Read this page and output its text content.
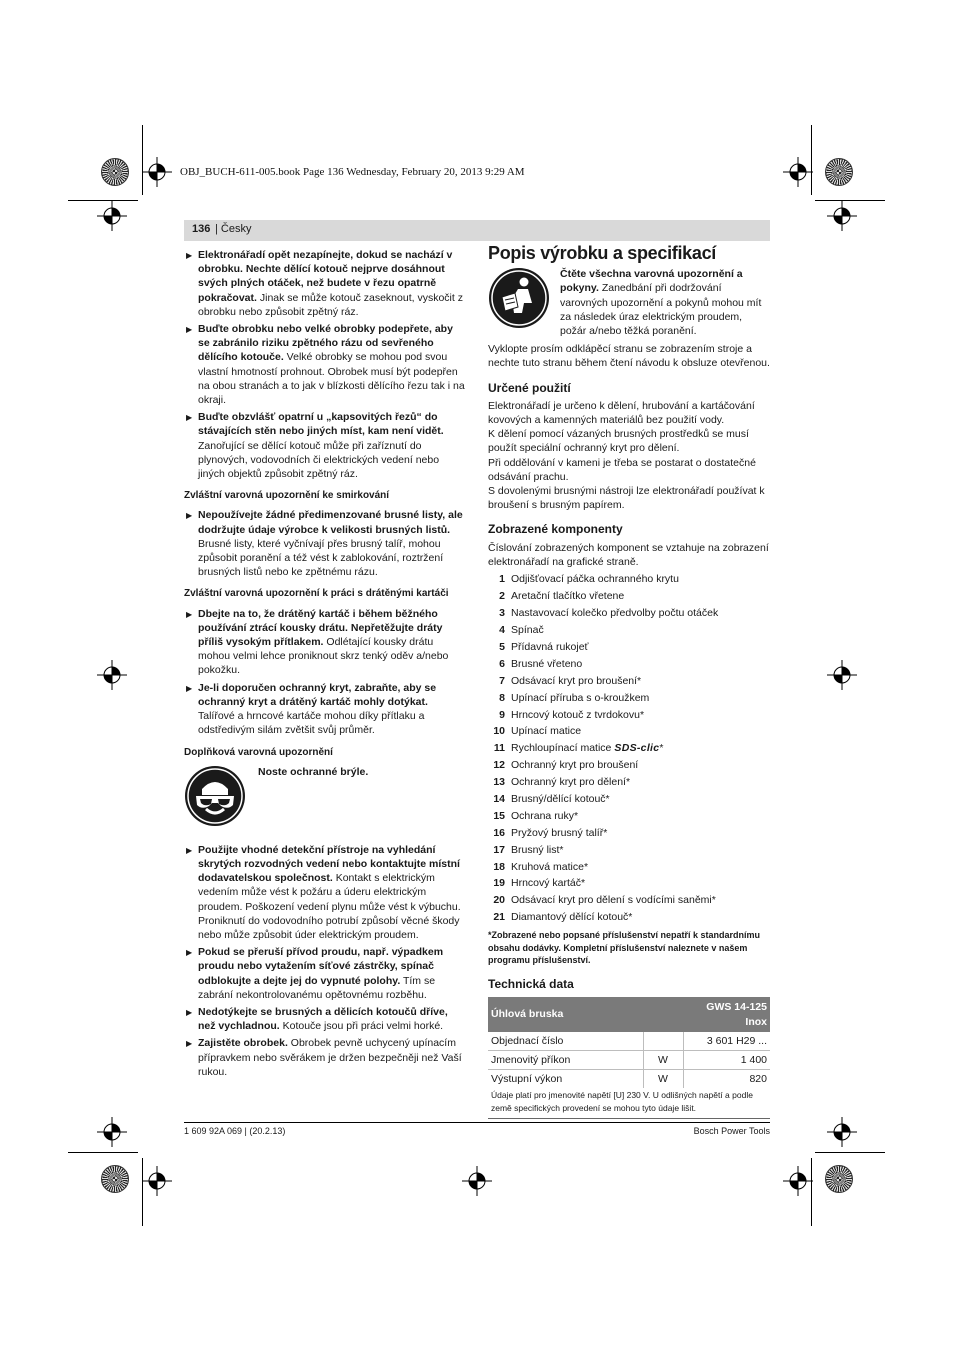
OBJ_BUCH-611-005.book Page 136 Wednesday, February 20, 2013 9:29 AM
136 | Česky
▶ Elektronářadí opět nezapínejte, dokud se nachází v obrobku. Nechte dělící kotouč nejprve dosáhnout svých plných otáček, než budete v řezu opatrně pokračovat. Jinak se může kotouč zaseknout, vyskočit z obrobku nebo způsobit zpětný ráz.
▶ Buďte obrobku nebo velké obrobky podepřete, aby se zabránilo riziku zpětného rázu od sevřeného dělícího kotouče. Velké obrobky se mohou pod svou vlastní hmotností prohnout. Obrobek musí být podepřen na obou stranách a to jak v blízkosti dělícího řezu tak i na okraji.
▶ Buďte obzvlášť opatrní u „kapsovitých řezů“ do stávajících stěn nebo jiných míst, kam není vidět. Zanořující se dělící kotouč může při zaříznutí do plynových, vodovodních či elektrických vedení nebo jiných objektů způsobit zpětný ráz.
Zvláštní varovná upozornění ke smirkování
▶ Nepoužívejte žádné předimenzované brusné listy, ale dodržujte údaje výrobce k velikosti brusných listů. Brusné listy, které vyčnívají přes brusný talíř, mohou způsobit poranění a též vést k zablokování, roztržení brusných listů nebo ke zpětnému rázu.
Zvláštní varovná upozornění k práci s drátěnými kartáči
▶ Dbejte na to, že drátěný kartáč i během běžného používání ztrácí kousky drátu. Nepřetěžujte dráty příliš vysokým přítlakem. Odlétající kousky drátu mohou velmi lehce proniknout skrz tenký oděv a/nebo pokožku.
▶ Je-li doporučen ochranný kryt, zabraňte, aby se ochranný kryt a drátěný kartáč mohly dotýkat. Talířové a hrncové kartáče mohou díky přítlaku a odstředivým silám zvětšit svůj průměr.
Doplňková varovná upozornění
Noste ochranné brýle.
▶ Použijte vhodné detekční přístroje na vyhledání skrytých rozvodných vedení nebo kontaktujte místní dodavatelskou společnost. Kontakt s elektrickým vedením může vést k požáru a úderu elektrickým proudem. Poškození vedení plynu může vést k výbuchu. Proniknutí do vodovodního potrubí způsobí věcné škody nebo může způsobit úder elektrickým proudem.
▶ Pokud se přeruší přívod proudu, např. výpadkem proudu nebo vytažením síťové zástrčky, spínač odblokujte a dejte jej do vypnuté polohy. Tím se zabrání nekontrolovanému opětovnému rozběhu.
▶ Nedotýkejte se brusných a dělicích kotoučů dříve, než vychladnou. Kotouče jsou při práci velmi horké.
▶ Zajistěte obrobek. Obrobek pevně uchycený upínacím přípravkem nebo svěrákem je držen bezpečněji než Vaší rukou.
Popis výrobku a specifikací
Čtěte všechna varovná upozornění a pokyny. Zanedbání při dodržování varovných upozornění a pokynů mohou mít za následek úraz elektrickým proudem, požár a/nebo těžká poranění.
Vyklopte prosím odklápěcí stranu se zobrazením stroje a nechte tuto stranu během čtení návodu k obsluze otevřenou.
Určené použití
Elektronářadí je určeno k dělení, hrubování a kartáčování kovových a kamenných materiálů bez použití vody.
K dělení pomocí vázaných brusných prostředků se musí použít speciální ochranný kryt pro dělení.
Při oddělování v kameni je třeba se postarat o dostatečné odsávání prachu.
S dovolenými brusnými nástroji lze elektronářadí používat k broušení s brusným papírem.
Zobrazené komponenty
Číslování zobrazených komponent se vztahuje na zobrazení elektronářadí na grafické straně.
1 Odjišťovací páčka ochranného krytu
2 Aretační tlačítko vřetene
3 Nastavovací kolečko předvolby počtu otáček
4 Spínač
5 Přídavná rukojeť
6 Brusné vřeteno
7 Odsávací kryt pro broušení*
8 Upínací příruba s o-kroužkem
9 Hrncový kotouč z tvrdokovu*
10 Upínací matice
11 Rychloupínací matice SDS-clic *
12 Ochranný kryt pro broušení
13 Ochranný kryt pro dělení*
14 Brusný/dělící kotouč*
15 Ochrana ruky*
16 Pryžový brusný talíř*
17 Brusný list*
18 Kruhová matice*
19 Hrncový kartáč*
20 Odsávací kryt pro dělení s vodícími saněmi*
21 Diamantový dělící kotouč*
*Zobrazené nebo popsané příslušenství nepatří k standardnímu obsahu dodávky. Kompletní příslušenství naleznete v našem programu příslušenství.
Technická data
Úhlová bruska		GWS 14-125 Inox
Objednací číslo		3 601 H29 ...
Jmenovitý příkon	W	1 400
Výstupní výkon	W	820
Údaje platí pro jmenovité napětí [U] 230 V. U odlišných napětí a podle země specifických provedení se mohou tyto údaje lišit.
1 609 92A 069 | (20.2.13)	Bosch Power Tools
